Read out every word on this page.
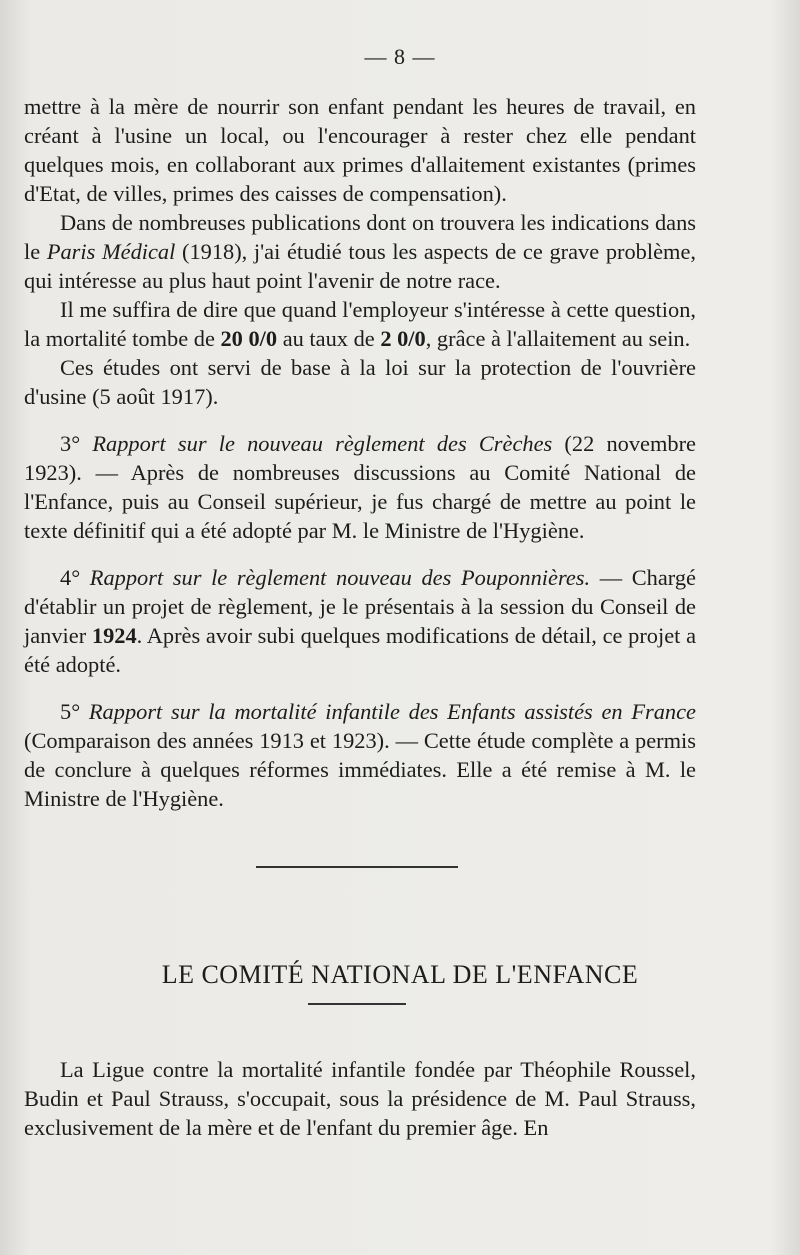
— 8 —

mettre à la mère de nourrir son enfant pendant les heures de travail, en créant à l'usine un local, ou l'encourager à rester chez elle pendant quelques mois, en collaborant aux primes d'allaitement existantes (primes d'Etat, de villes, primes des caisses de compensation).

Dans de nombreuses publications dont on trouvera les indications dans le Paris Médical (1918), j'ai étudié tous les aspects de ce grave problème, qui intéresse au plus haut point l'avenir de notre race.

Il me suffira de dire que quand l'employeur s'intéresse à cette question, la mortalité tombe de 20 0/0 au taux de 2 0/0, grâce à l'allaitement au sein.

Ces études ont servi de base à la loi sur la protection de l'ouvrière d'usine (5 août 1917).

3° Rapport sur le nouveau règlement des Crèches (22 novembre 1923). — Après de nombreuses discussions au Comité National de l'Enfance, puis au Conseil supérieur, je fus chargé de mettre au point le texte définitif qui a été adopté par M. le Ministre de l'Hygiène.

4° Rapport sur le règlement nouveau des Pouponnières. — Chargé d'établir un projet de règlement, je le présentais à la session du Conseil de janvier 1924. Après avoir subi quelques modifications de détail, ce projet a été adopté.

5° Rapport sur la mortalité infantile des Enfants assistés en France (Comparaison des années 1913 et 1923). — Cette étude complète a permis de conclure à quelques réformes immédiates. Elle a été remise à M. le Ministre de l'Hygiène.

LE COMITÉ NATIONAL DE L'ENFANCE

La Ligue contre la mortalité infantile fondée par Théophile Roussel, Budin et Paul Strauss, s'occupait, sous la présidence de M. Paul Strauss, exclusivement de la mère et de l'enfant du premier âge. En
